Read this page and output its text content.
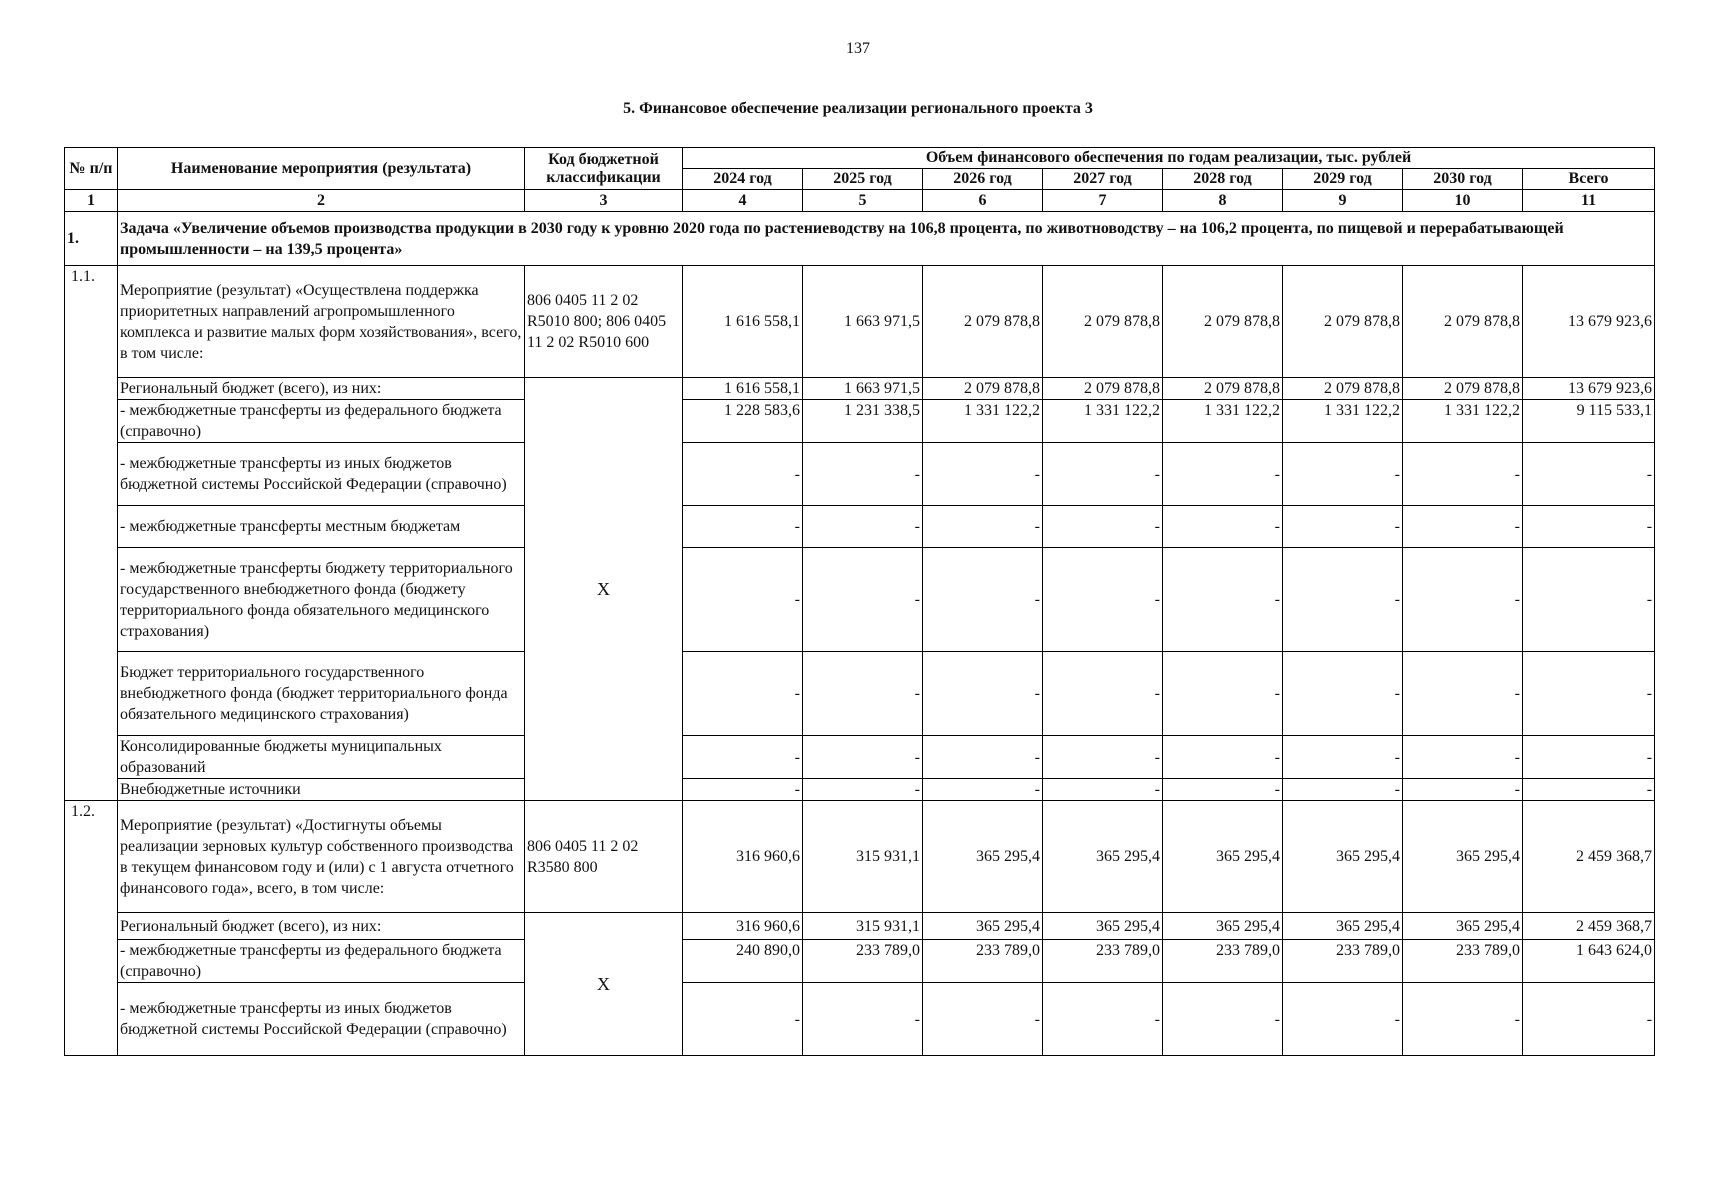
137
5. Финансовое обеспечение реализации регионального проекта 3
№ п/п	Наименование мероприятия (результата)	Код бюджетной классификации	Объем финансового обеспечения по годам реализации, тыс. рублей							
			2024 год	2025 год	2026 год	2027 год	2028 год	2029 год	2030 год	Всего
1	2	3	4	5	6	7	8	9	10	11
1.	Задача «Увеличение объемов производства продукции в 2030 году к уровню 2020 года по растениеводству на 106,8 процента, по животноводству – на 106,2 процента, по пищевой и перерабатывающей промышленности – на 139,5 процента»									
1.1.	Мероприятие (результат) «Осуществлена поддержка приоритетных направлений агропромышленного комплекса и развитие малых форм хозяйствования», всего, в том числе:	806 0405 11 2 02 R5010 800; 806 0405 11 2 02 R5010 600	1 616 558,1	1 663 971,5	2 079 878,8	2 079 878,8	2 079 878,8	2 079 878,8	2 079 878,8	13 679 923,6
	Региональный бюджет (всего), из них:	X	1 616 558,1	1 663 971,5	2 079 878,8	2 079 878,8	2 079 878,8	2 079 878,8	2 079 878,8	13 679 923,6
	- межбюджетные трансферты из федерального бюджета (справочно)		1 228 583,6	1 231 338,5	1 331 122,2	1 331 122,2	1 331 122,2	1 331 122,2	1 331 122,2	9 115 533,1
	- межбюджетные трансферты из иных бюджетов бюджетной системы Российской Федерации (справочно)		-	-	-	-	-	-	-	-
	- межбюджетные трансферты местным бюджетам		-	-	-	-	-	-	-	-
	- межбюджетные трансферты бюджету территориального государственного внебюджетного фонда (бюджету территориального фонда обязательного медицинского страхования)		-	-	-	-	-	-	-	-
	Бюджет территориального государственного внебюджетного фонда (бюджет территориального фонда обязательного медицинского страхования)		-	-	-	-	-	-	-	-
	Консолидированные бюджеты муниципальных образований		-	-	-	-	-	-	-	-
	Внебюджетные источники		-	-	-	-	-	-	-	-
1.2.	Мероприятие (результат) «Достигнуты объемы реализации зерновых культур собственного производства в текущем финансовом году и (или) с 1 августа отчетного финансового года», всего, в том числе:	806 0405 11 2 02 R3580 800	316 960,6	315 931,1	365 295,4	365 295,4	365 295,4	365 295,4	365 295,4	2 459 368,7
	Региональный бюджет (всего), из них:	X	316 960,6	315 931,1	365 295,4	365 295,4	365 295,4	365 295,4	365 295,4	2 459 368,7
	- межбюджетные трансферты из федерального бюджета (справочно)		240 890,0	233 789,0	233 789,0	233 789,0	233 789,0	233 789,0	233 789,0	1 643 624,0
	- межбюджетные трансферты из иных бюджетов бюджетной системы Российской Федерации (справочно)		-	-	-	-	-	-	-	-
